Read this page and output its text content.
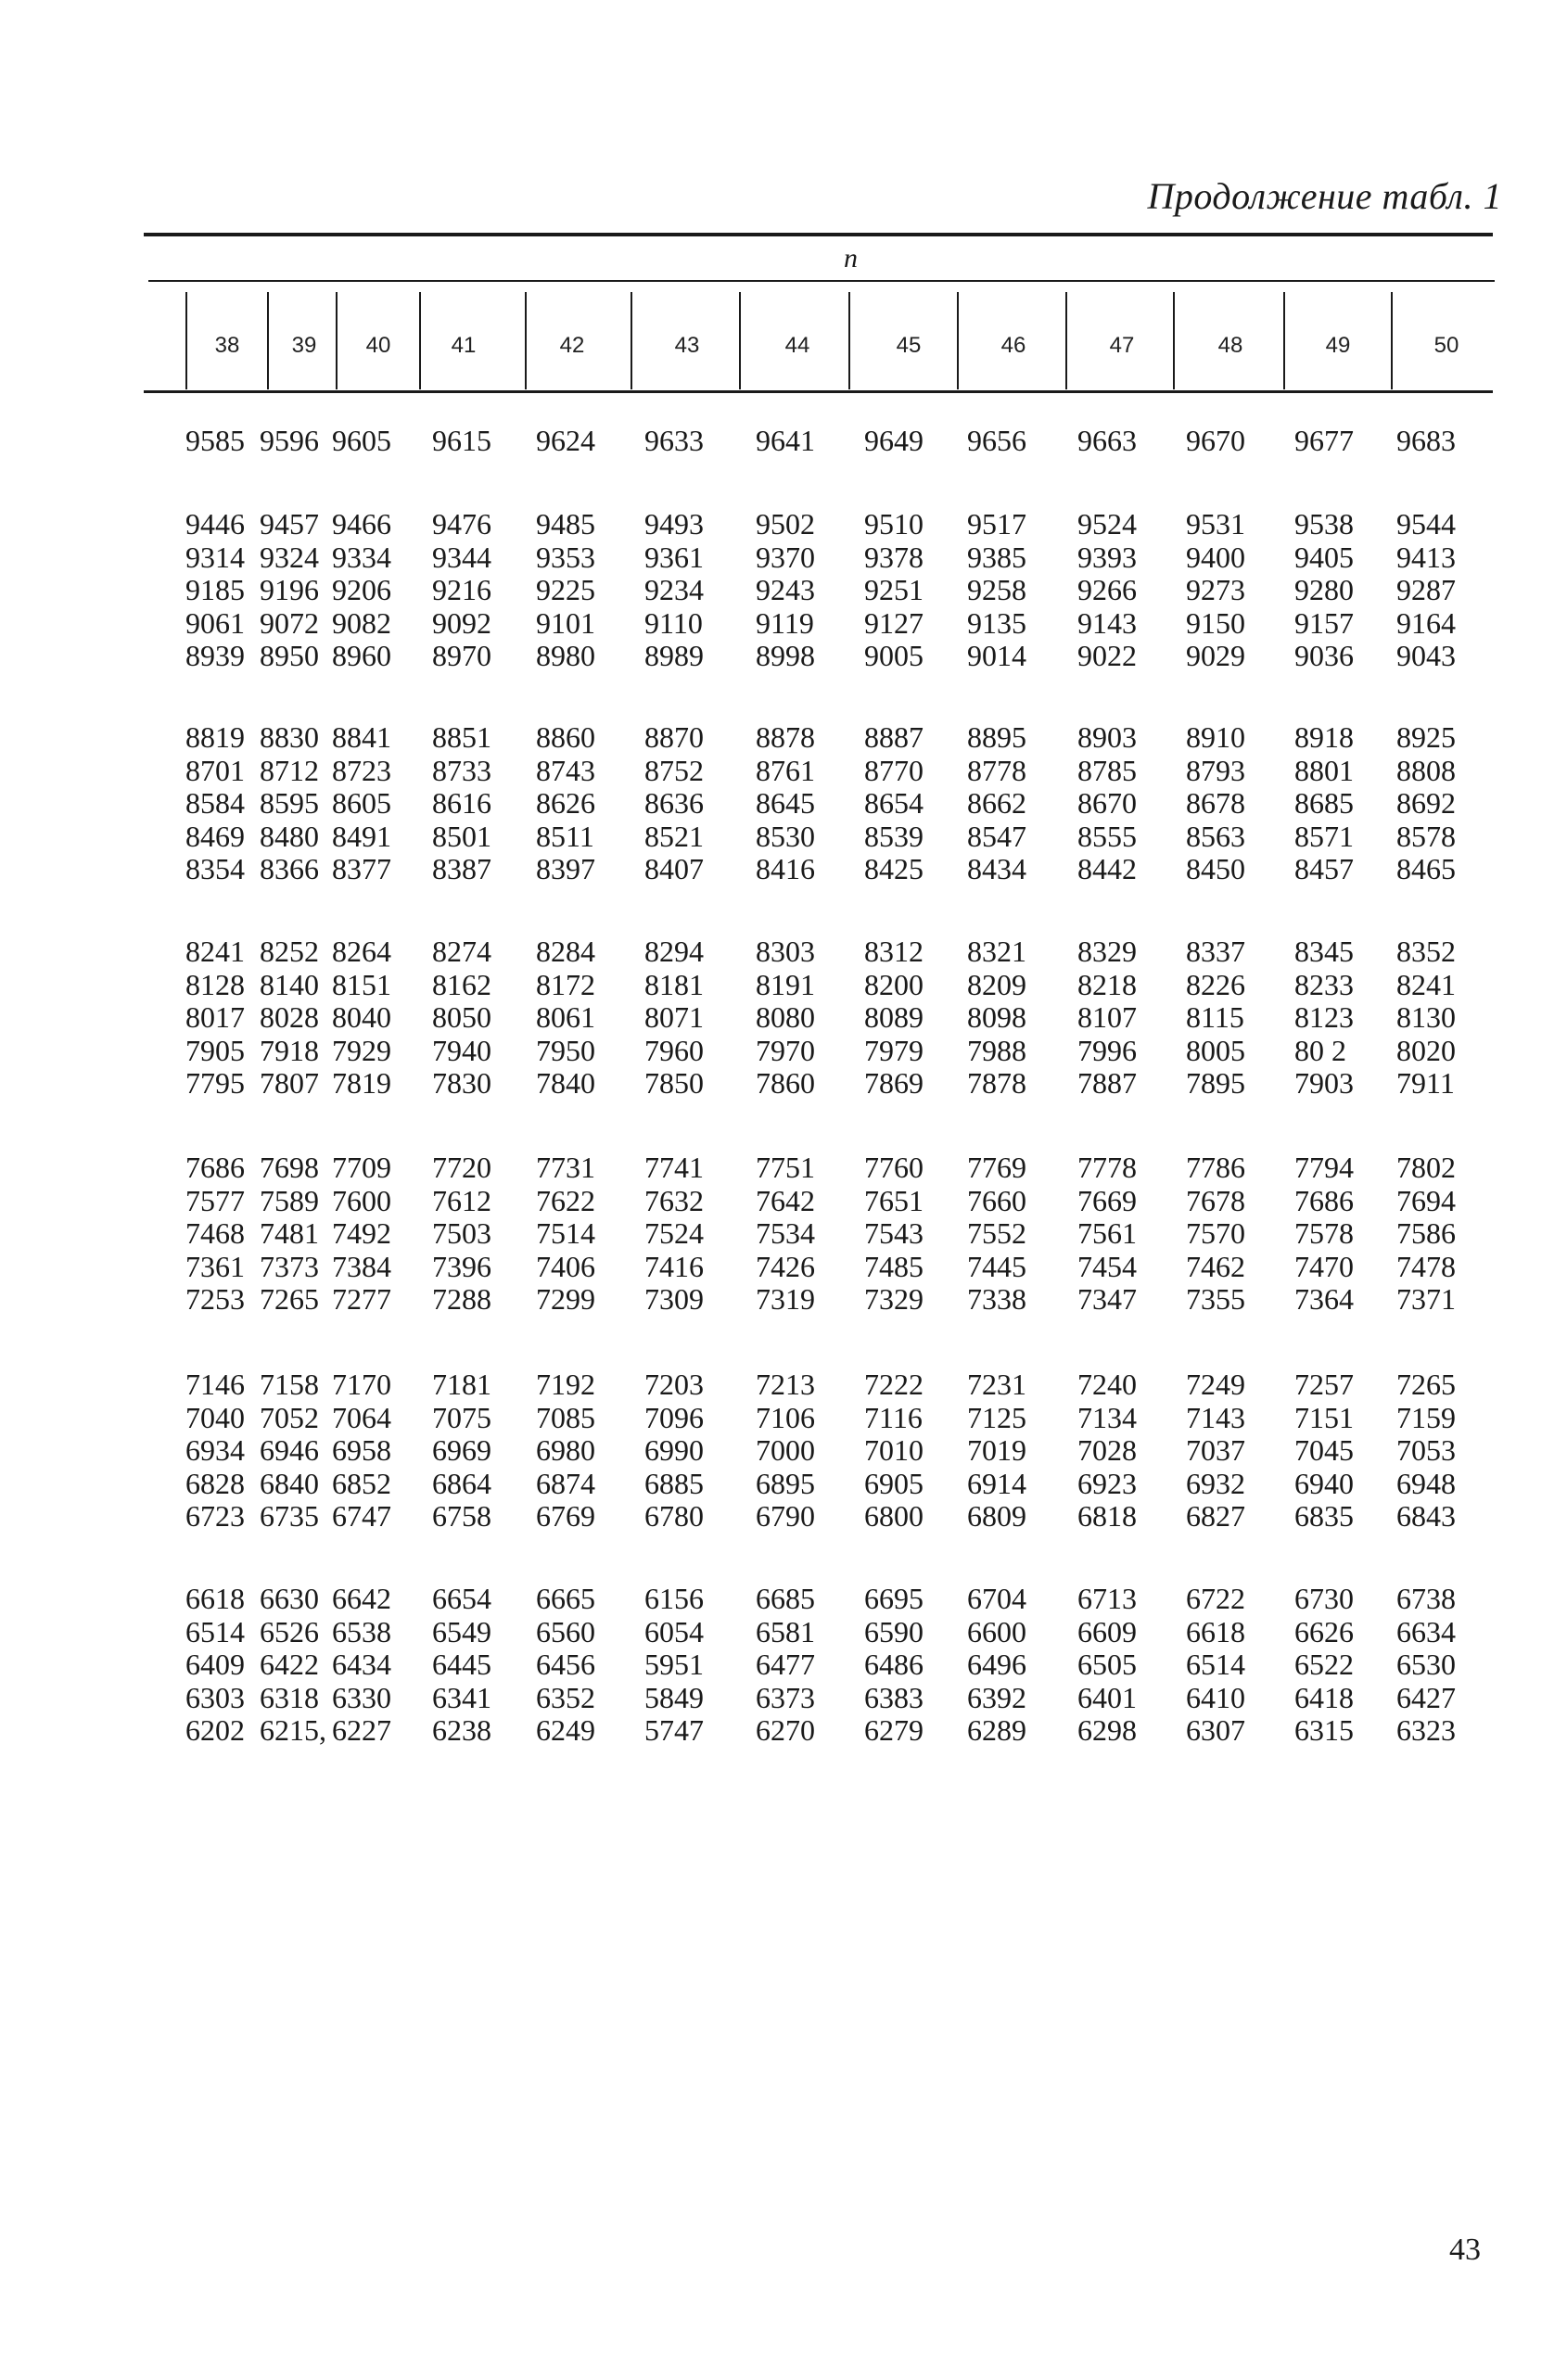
Продолжение табл. 1
n
38	39	40	41	42	43	44	45	46	47	48	49	50
9585 9596 9605 9615 9624 9633 9641 9649 9656 9663 9670 9677 9683
9446 9457 9466 9476 9485 9493 9502 9510 9517 9524 9531 9538 9544
9314 9324 9334 9344 9353 9361 9370 9378 9385 9393 9400 9405 9413
9185 9196 9206 9216 9225 9234 9243 9251 9258 9266 9273 9280 9287
9061 9072 9082 9092 9101 9110 9119 9127 9135 9143 9150 9157 9164
8939 8950 8960 8970 8980 8989 8998 9005 9014 9022 9029 9036 9043
8819 8830 8841 8851 8860 8870 8878 8887 8895 8903 8910 8918 8925
8701 8712 8723 8733 8743 8752 8761 8770 8778 8785 8793 8801 8808
8584 8595 8605 8616 8626 8636 8645 8654 8662 8670 8678 8685 8692
8469 8480 8491 8501 8511 8521 8530 8539 8547 8555 8563 8571 8578
8354 8366 8377 8387 8397 8407 8416 8425 8434 8442 8450 8457 8465
8241 8252 8264 8274 8284 8294 8303 8312 8321 8329 8337 8345 8352
8128 8140 8151 8162 8172 8181 8191 8200 8209 8218 8226 8233 8241
8017 8028 8040 8050 8061 8071 8080 8089 8098 8107 8115 8123 8130
7905 7918 7929 7940 7950 7960 7970 7979 7988 7996 8005 80 2 8020
7795 7807 7819 7830 7840 7850 7860 7869 7878 7887 7895 7903 7911
7686 7698 7709 7720 7731 7741 7751 7760 7769 7778 7786 7794 7802
7577 7589 7600 7612 7622 7632 7642 7651 7660 7669 7678 7686 7694
7468 7481 7492 7503 7514 7524 7534 7543 7552 7561 7570 7578 7586
7361 7373 7384 7396 7406 7416 7426 7485 7445 7454 7462 7470 7478
7253 7265 7277 7288 7299 7309 7319 7329 7338 7347 7355 7364 7371
7146 7158 7170 7181 7192 7203 7213 7222 7231 7240 7249 7257 7265
7040 7052 7064 7075 7085 7096 7106 7116 7125 7134 7143 7151 7159
6934 6946 6958 6969 6980 6990 7000 7010 7019 7028 7037 7045 7053
6828 6840 6852 6864 6874 6885 6895 6905 6914 6923 6932 6940 6948
6723 6735 6747 6758 6769 6780 6790 6800 6809 6818 6827 6835 6843
6618 6630 6642 6654 6665 6156 6685 6695 6704 6713 6722 6730 6738
6514 6526 6538 6549 6560 6054 6581 6590 6600 6609 6618 6626 6634
6409 6422 6434 6445 6456 5951 6477 6486 6496 6505 6514 6522 6530
6303 6318 6330 6341 6352 5849 6373 6383 6392 6401 6410 6418 6427
6202 6215, 6227 6238 6249 5747 6270 6279 6289 6298 6307 6315 6323
43
